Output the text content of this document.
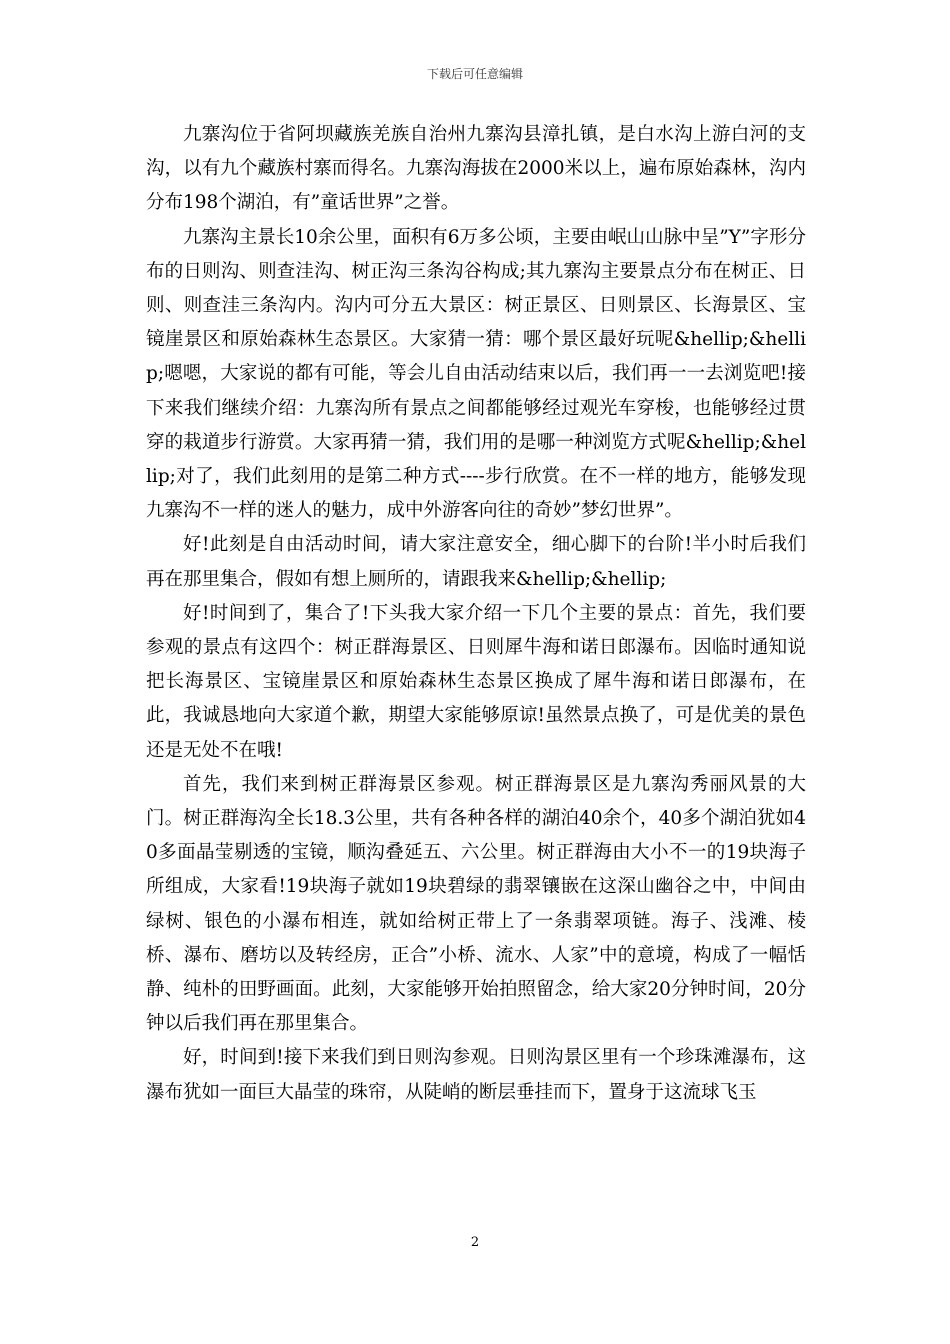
下载后可任意编辑

九寨沟位于省阿坝藏族羌族自治州九寨沟县漳扎镇，是白水沟上游白河的支沟，以有九个藏族村寨而得名。九寨沟海拔在2000米以上，遍布原始森林，沟内分布198个湖泊，有”童话世界”之誉。

九寨沟主景长10余公里，面积有6万多公顷，主要由岷山山脉中呈”Y”字形分布的日则沟、则查洼沟、树正沟三条沟谷构成;其九寨沟主要景点分布在树正、日则、则查洼三条沟内。沟内可分五大景区：树正景区、日则景区、长海景区、宝镜崖景区和原始森林生态景区。大家猜一猜：哪个景区最好玩呢&hellip;&hellip;嗯嗯，大家说的都有可能，等会儿自由活动结束以后，我们再一一去浏览吧!接下来我们继续介绍：九寨沟所有景点之间都能够经过观光车穿梭，也能够经过贯穿的栽道步行游赏。大家再猜一猜，我们用的是哪一种浏览方式呢&hellip;&hellip;对了，我们此刻用的是第二种方式----步行欣赏。在不一样的地方，能够发现九寨沟不一样的迷人的魅力，成中外游客向往的奇妙”梦幻世界”。

好!此刻是自由活动时间，请大家注意安全，细心脚下的台阶!半小时后我们再在那里集合，假如有想上厕所的，请跟我来&hellip;&hellip;

好!时间到了，集合了!下头我大家介绍一下几个主要的景点：首先，我们要参观的景点有这四个：树正群海景区、日则犀牛海和诺日郎瀑布。因临时通知说把长海景区、宝镜崖景区和原始森林生态景区换成了犀牛海和诺日郎瀑布，在此，我诚恳地向大家道个歉，期望大家能够原谅!虽然景点换了，可是优美的景色还是无处不在哦!

首先，我们来到树正群海景区参观。树正群海景区是九寨沟秀丽风景的大门。树正群海沟全长18.3公里，共有各种各样的湖泊40余个，40多个湖泊犹如40多面晶莹剔透的宝镜，顺沟叠延五、六公里。树正群海由大小不一的19块海子所组成，大家看!19块海子就如19块碧绿的翡翠镶嵌在这深山幽谷之中，中间由绿树、银色的小瀑布相连，就如给树正带上了一条翡翠项链。海子、浅滩、棱桥、瀑布、磨坊以及转经房，正合”小桥、流水、人家”中的意境，构成了一幅恬静、纯朴的田野画面。此刻，大家能够开始拍照留念，给大家20分钟时间，20分钟以后我们再在那里集合。

好，时间到!接下来我们到日则沟参观。日则沟景区里有一个珍珠滩瀑布，这瀑布犹如一面巨大晶莹的珠帘，从陡峭的断层垂挂而下，置身于这流球飞玉

2
